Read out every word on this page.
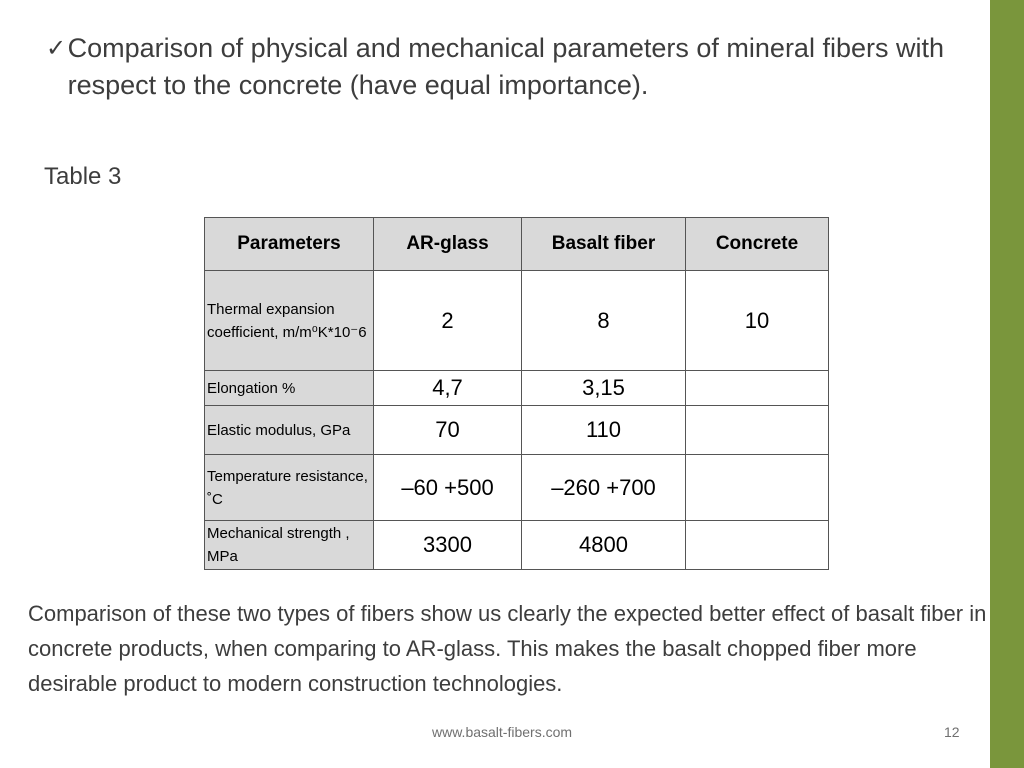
✓ Comparison of physical and mechanical parameters of mineral fibers with respect to the concrete (have equal importance).
Table 3
Parameters	AR-glass	Basalt fiber	Concrete
Thermal expansion coefficient, m/m⁰K*10⁻6	2	8	10
Elongation %	4,7	3,15	
Elastic modulus, GPa	70	110	
Temperature resistance, ˚C	–60 +500	–260 +700	
Mechanical strength , MPa	3300	4800	
Comparison of these two types of fibers show us clearly the expected better effect of basalt fiber in concrete products, when comparing to AR-glass. This makes the basalt chopped fiber more desirable product to modern construction technologies.
www.basalt-fibers.com	12
